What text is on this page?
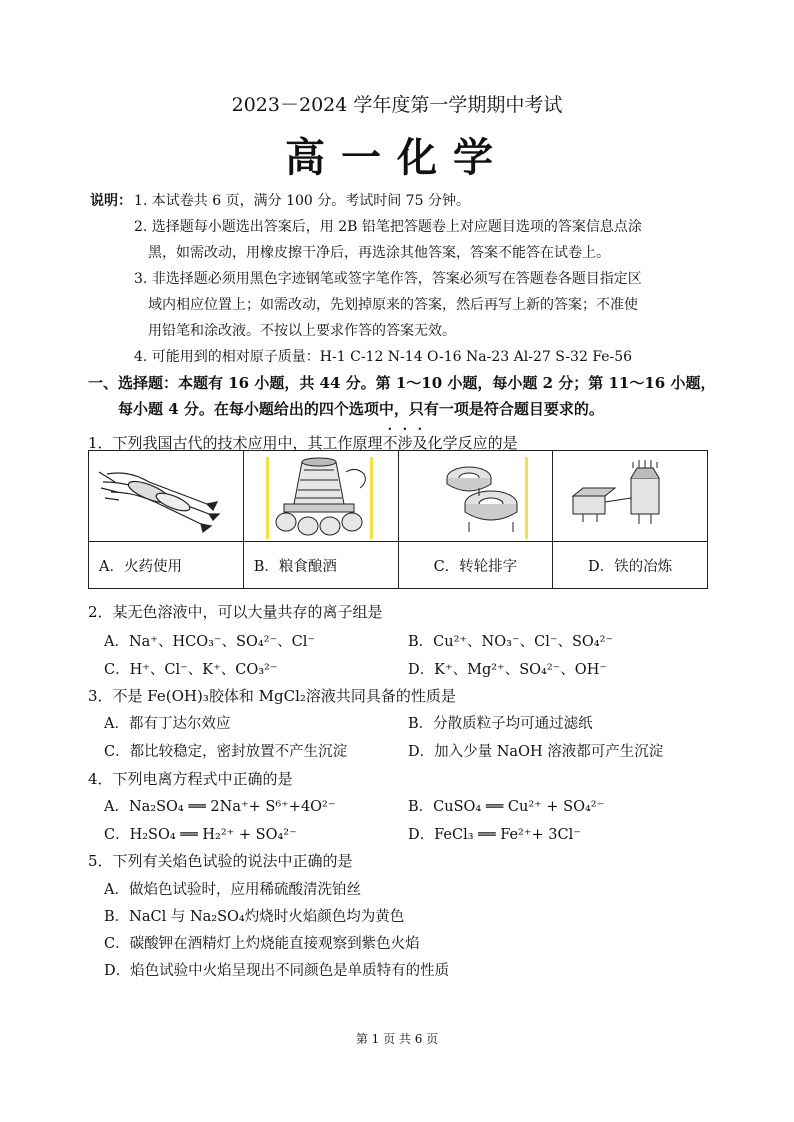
2023－2024 学年度第一学期期中考试
高一化学
说明： 1. 本试卷共 6 页，满分 100 分。考试时间 75 分钟。
2. 选择题每小题选出答案后，用 2B 铅笔把答题卷上对应题目选项的答案信息点涂
黑，如需改动，用橡皮擦干净后，再选涂其他答案，答案不能答在试卷上。
3. 非选择题必须用黑色字迹钢笔或签字笔作答，答案必须写在答题卷各题目指定区
域内相应位置上；如需改动，先划掉原来的答案，然后再写上新的答案；不准使
用铅笔和涂改液。不按以上要求作答的答案无效。
4. 可能用到的相对原子质量：H-1 C-12 N-14 O-16 Na-23 Al-27 S-32 Fe-56
一、选择题：本题有 16 小题，共 44 分。第 1～10 小题，每小题 2 分；第 11～16 小题，
每小题 4 分。在每小题给出的四个选项中，只有一项是符合题目要求的。
1．下列我国古代的技术应用中，其工作原理不涉及化学反应的是

A．火药使用	B．粮食酿酒	C．转轮排字	D．铁的冶炼
2．某无色溶液中，可以大量共存的离子组是
A．Na⁺、HCO₃⁻、SO₄²⁻、Cl⁻	B．Cu²⁺、NO₃⁻、Cl⁻、SO₄²⁻
C．H⁺、Cl⁻、K⁺、CO₃²⁻	D．K⁺、Mg²⁺、SO₄²⁻、OH⁻
3．不是 Fe(OH)₃胶体和 MgCl₂溶液共同具备的性质是
A．都有丁达尔效应	B．分散质粒子均可通过滤纸
C．都比较稳定，密封放置不产生沉淀	D．加入少量 NaOH 溶液都可产生沉淀
4．下列电离方程式中正确的是
A．Na₂SO₄ ══ 2Na⁺+ S⁶⁺+4O²⁻	B．CuSO₄ ══ Cu²⁺ + SO₄²⁻
C．H₂SO₄ ══ H₂²⁺ + SO₄²⁻	D．FeCl₃ ══ Fe²⁺+ 3Cl⁻
5．下列有关焰色试验的说法中正确的是
A．做焰色试验时，应用稀硫酸清洗铂丝
B．NaCl 与 Na₂SO₄灼烧时火焰颜色均为黄色
C．碳酸钾在酒精灯上灼烧能直接观察到紫色火焰
D．焰色试验中火焰呈现出不同颜色是单质特有的性质
第 1 页 共 6 页
